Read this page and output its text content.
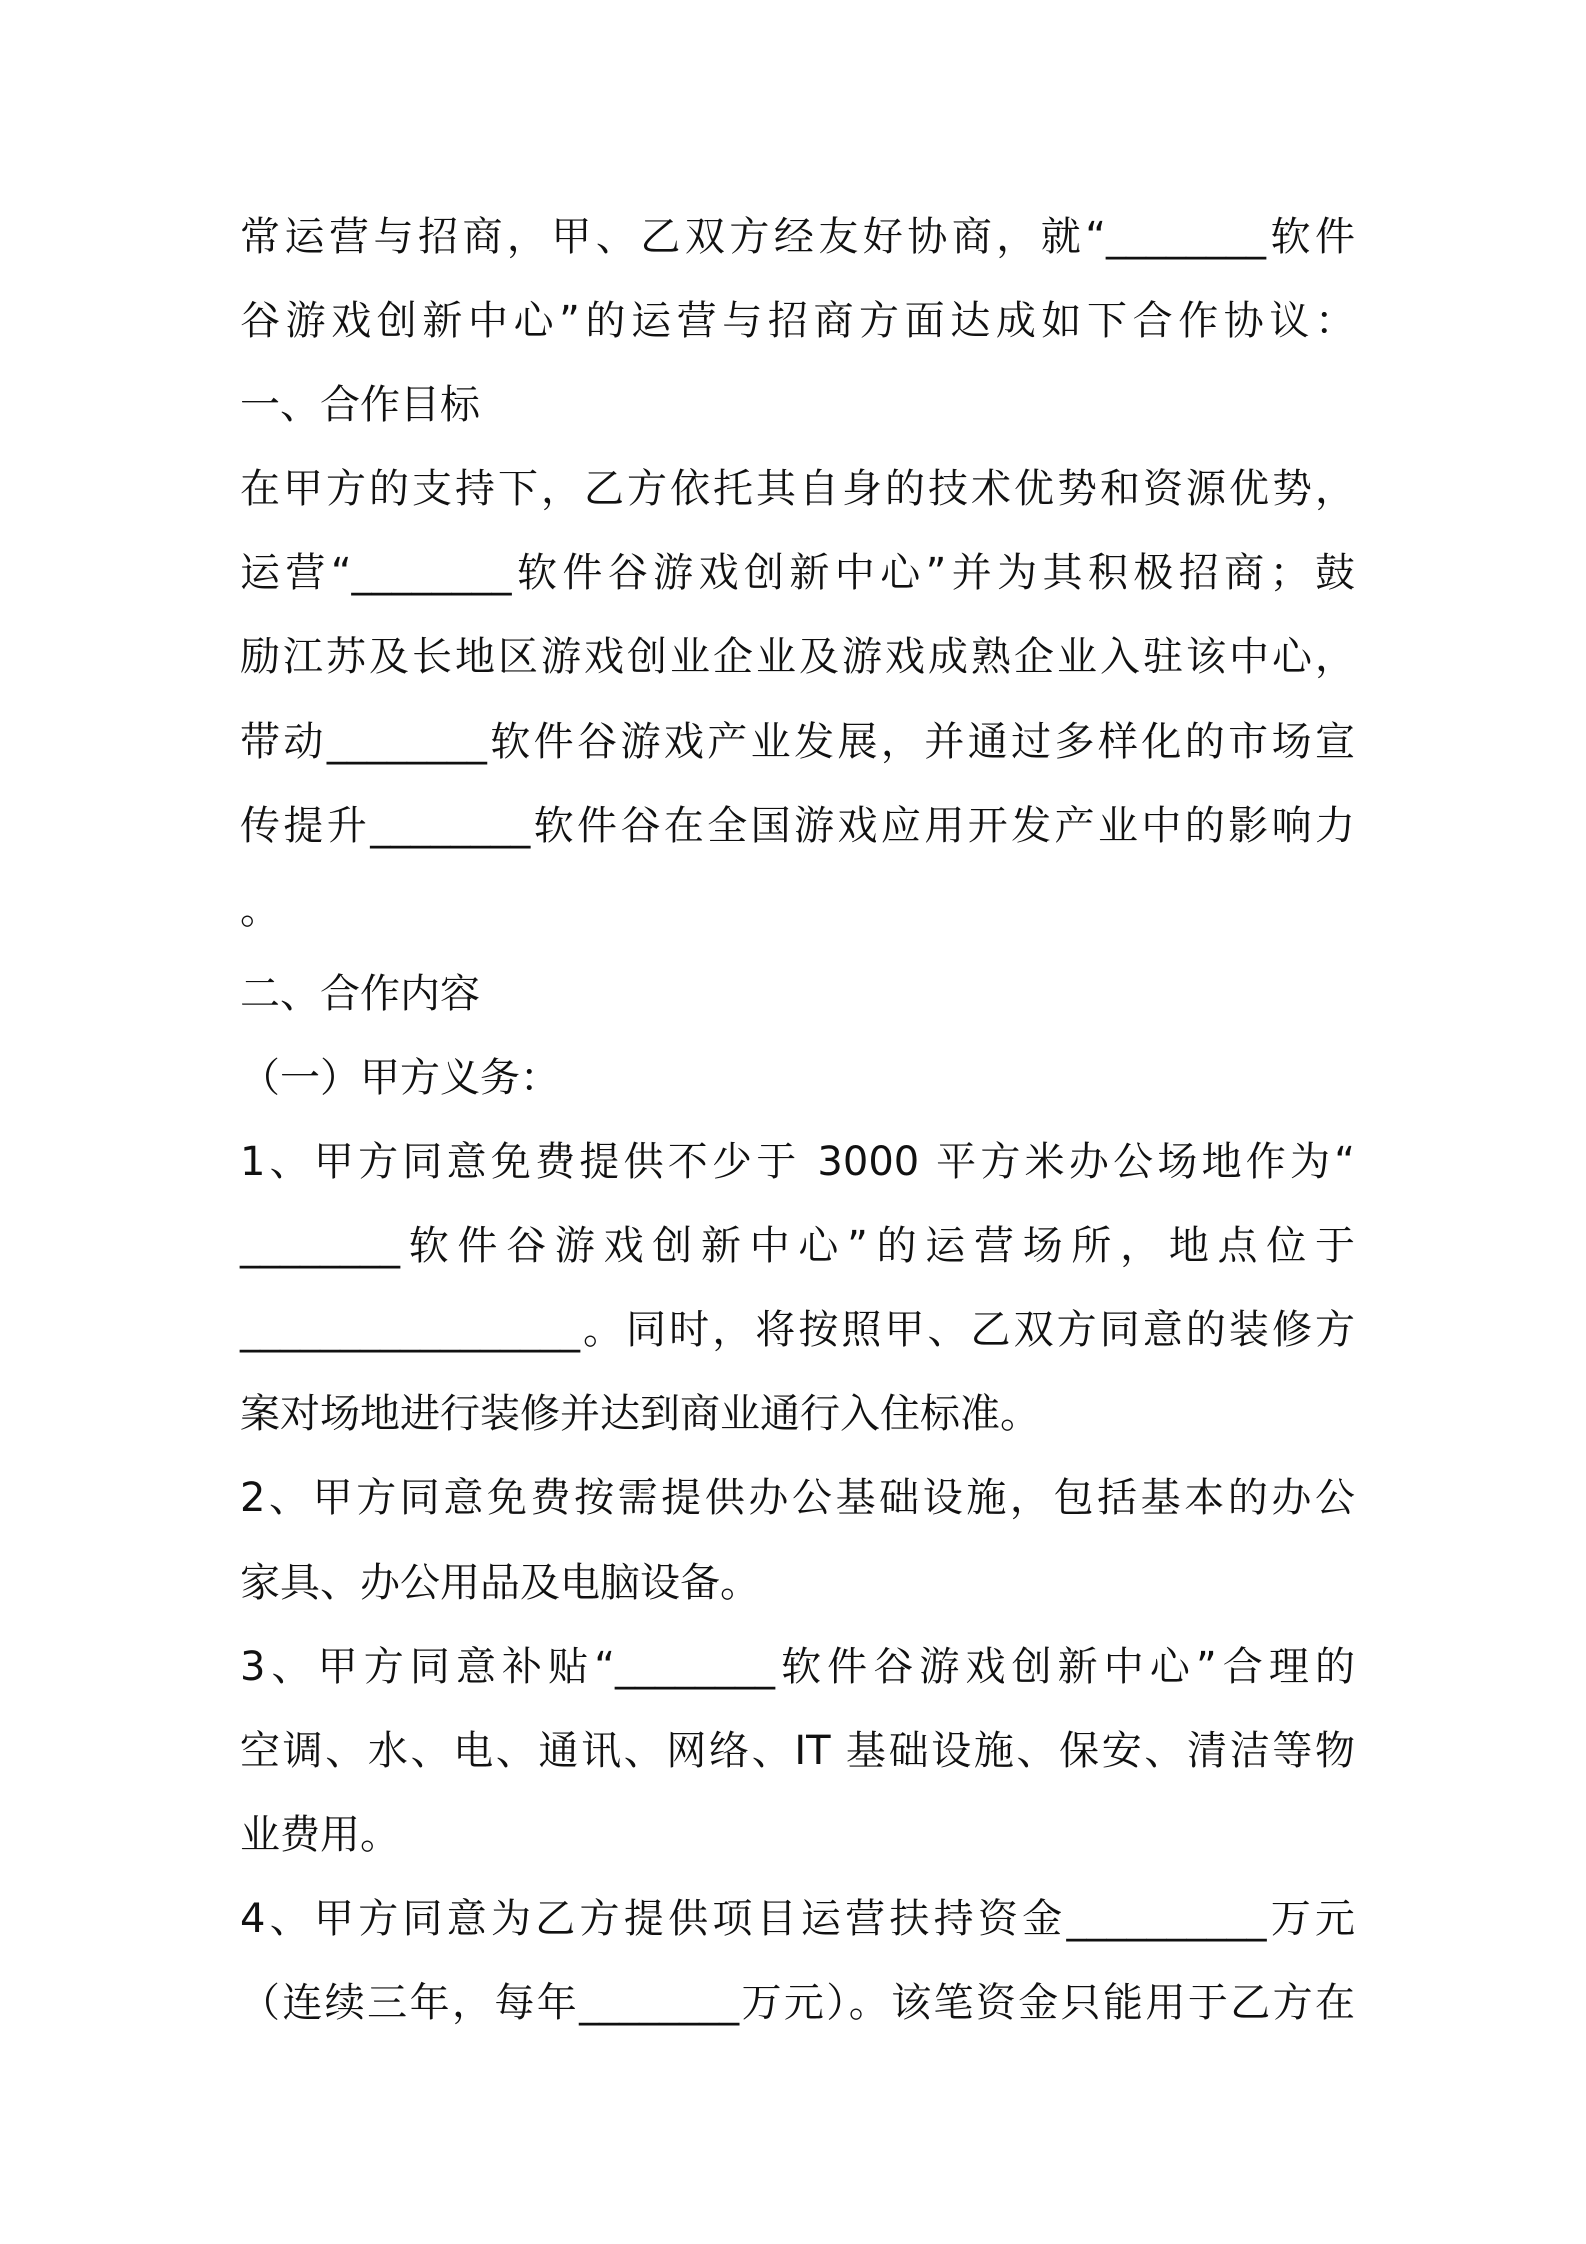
常运营与招商，甲、乙双方经友好协商，就“________软件
谷游戏创新中心”的运营与招商方面达成如下合作协议：
一、合作目标
在甲方的支持下，乙方依托其自身的技术优势和资源优势，
运营“________软件谷游戏创新中心”并为其积极招商；鼓
励江苏及长地区游戏创业企业及游戏成熟企业入驻该中心，
带动________软件谷游戏产业发展，并通过多样化的市场宣
传提升________软件谷在全国游戏应用开发产业中的影响力
。
二、合作内容
（一）甲方义务：
1、甲方同意免费提供不少于 3000 平方米办公场地作为“
________软件谷游戏创新中心”的运营场所，地点位于
_________________。同时，将按照甲、乙双方同意的装修方
案对场地进行装修并达到商业通行入住标准。
2、甲方同意免费按需提供办公基础设施，包括基本的办公
家具、办公用品及电脑设备。
3、甲方同意补贴“________软件谷游戏创新中心”合理的
空调、水、电、通讯、网络、IT 基础设施、保安、清洁等物
业费用。
4、甲方同意为乙方提供项目运营扶持资金__________万元
（连续三年，每年________万元）。该笔资金只能用于乙方在
